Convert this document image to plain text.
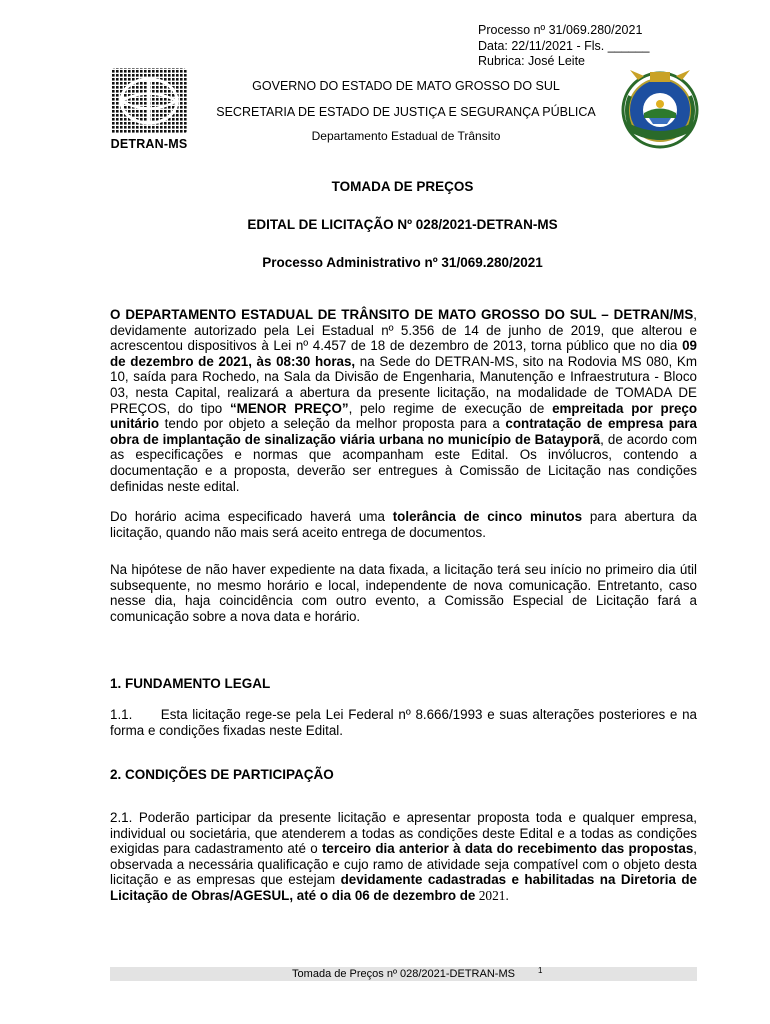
Processo nº 31/069.280/2021
Data: 22/11/2021 - Fls. ______
Rubrica: José Leite
DETRAN-MS
GOVERNO DO ESTADO DE MATO GROSSO DO SUL
SECRETARIA DE ESTADO DE JUSTIÇA E SEGURANÇA PÚBLICA
Departamento Estadual de Trânsito
TOMADA DE PREÇOS
EDITAL DE LICITAÇÃO Nº 028/2021-DETRAN-MS
Processo Administrativo nº 31/069.280/2021
O DEPARTAMENTO ESTADUAL DE TRÂNSITO DE MATO GROSSO DO SUL – DETRAN/MS, devidamente autorizado pela Lei Estadual nº 5.356 de 14 de junho de 2019, que alterou e acrescentou dispositivos à Lei nº 4.457 de 18 de dezembro de 2013, torna público que no dia 09 de dezembro de 2021, às 08:30 horas, na Sede do DETRAN-MS, sito na Rodovia MS 080, Km 10, saída para Rochedo, na Sala da Divisão de Engenharia, Manutenção e Infraestrutura - Bloco 03, nesta Capital, realizará a abertura da presente licitação, na modalidade de TOMADA DE PREÇOS, do tipo “MENOR PREÇO”, pelo regime de execução de empreitada por preço unitário tendo por objeto a seleção da melhor proposta para a contratação de empresa para obra de implantação de sinalização viária urbana no município de Batayporã, de acordo com as especificações e normas que acompanham este Edital. Os invólucros, contendo a documentação e a proposta, deverão ser entregues à Comissão de Licitação nas condições definidas neste edital.
Do horário acima especificado haverá uma tolerância de cinco minutos para abertura da licitação, quando não mais será aceito entrega de documentos.
Na hipótese de não haver expediente na data fixada, a licitação terá seu início no primeiro dia útil subsequente, no mesmo horário e local, independente de nova comunicação. Entretanto, caso nesse dia, haja coincidência com outro evento, a Comissão Especial de Licitação fará a comunicação sobre a nova data e horário.
1. FUNDAMENTO LEGAL
1.1.      Esta licitação rege-se pela Lei Federal nº 8.666/1993 e suas alterações posteriores e na forma e condições fixadas neste Edital.
2. CONDIÇÕES DE PARTICIPAÇÃO
2.1. Poderão participar da presente licitação e apresentar proposta toda e qualquer empresa, individual ou societária, que atenderem a todas as condições deste Edital e a todas as condições exigidas para cadastramento até o terceiro dia anterior à data do recebimento das propostas, observada a necessária qualificação e cujo ramo de atividade seja compatível com o objeto desta licitação e as empresas que estejam devidamente cadastradas e habilitadas na Diretoria de Licitação de Obras/AGESUL, até o dia 06 de dezembro de 2021.
Tomada de Preços nº 028/2021-DETRAN-MS	1
